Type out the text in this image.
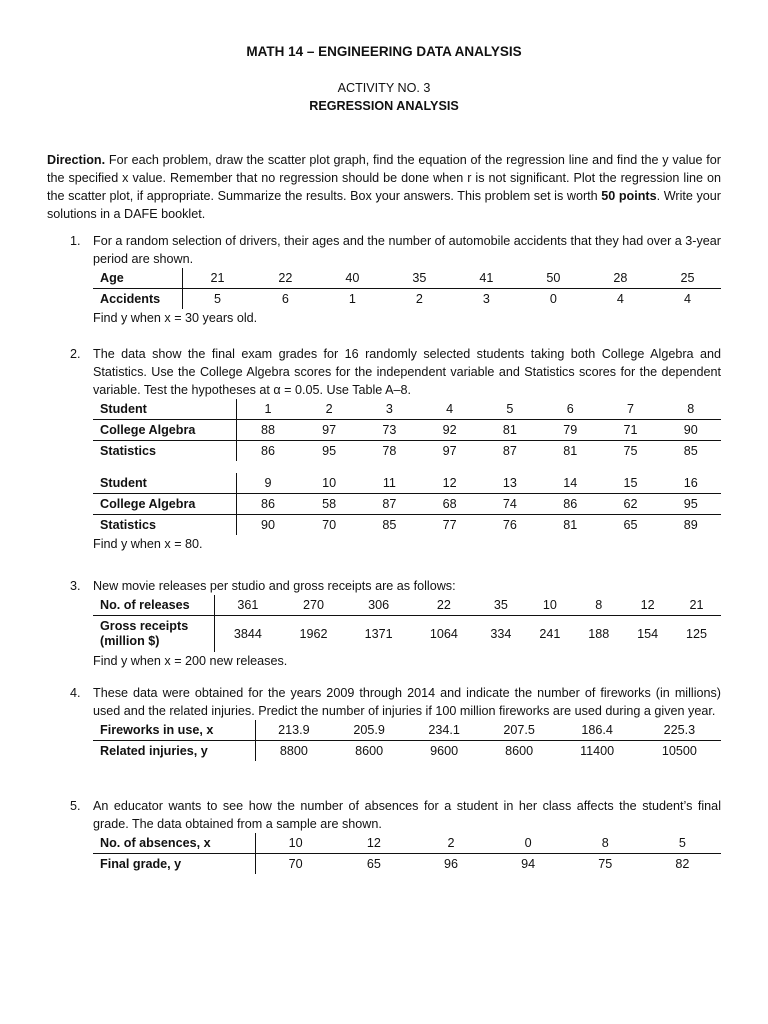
MATH 14 – ENGINEERING DATA ANALYSIS
ACTIVITY NO. 3
REGRESSION ANALYSIS
Direction. For each problem, draw the scatter plot graph, find the equation of the regression line and find the y value for the specified x value. Remember that no regression should be done when r is not significant. Plot the regression line on the scatter plot, if appropriate. Summarize the results. Box your answers. This problem set is worth 50 points. Write your solutions in a DAFE booklet.
1. For a random selection of drivers, their ages and the number of automobile accidents that they had over a 3-year period are shown.
Age	21	22	40	35	41	50	28	25
Accidents	5	6	1	2	3	0	4	4
Find y when x = 30 years old.
2. The data show the final exam grades for 16 randomly selected students taking both College Algebra and Statistics. Use the College Algebra scores for the independent variable and Statistics scores for the dependent variable. Test the hypotheses at α = 0.05. Use Table A–8.
Student	1	2	3	4	5	6	7	8
College Algebra	88	97	73	92	81	79	71	90
Statistics	86	95	78	97	87	81	75	85
Student	9	10	11	12	13	14	15	16
College Algebra	86	58	87	68	74	86	62	95
Statistics	90	70	85	77	76	81	65	89
Find y when x = 80.
3. New movie releases per studio and gross receipts are as follows:
No. of releases	361	270	306	22	35	10	8	12	21
Gross receipts (million $)	3844	1962	1371	1064	334	241	188	154	125
Find y when x = 200 new releases.
4. These data were obtained for the years 2009 through 2014 and indicate the number of fireworks (in millions) used and the related injuries. Predict the number of injuries if 100 million fireworks are used during a given year.
Fireworks in use, x	213.9	205.9	234.1	207.5	186.4	225.3
Related injuries, y	8800	8600	9600	8600	11400	10500
5. An educator wants to see how the number of absences for a student in her class affects the student’s final grade. The data obtained from a sample are shown.
No. of absences, x	10	12	2	0	8	5
Final grade, y	70	65	96	94	75	82
